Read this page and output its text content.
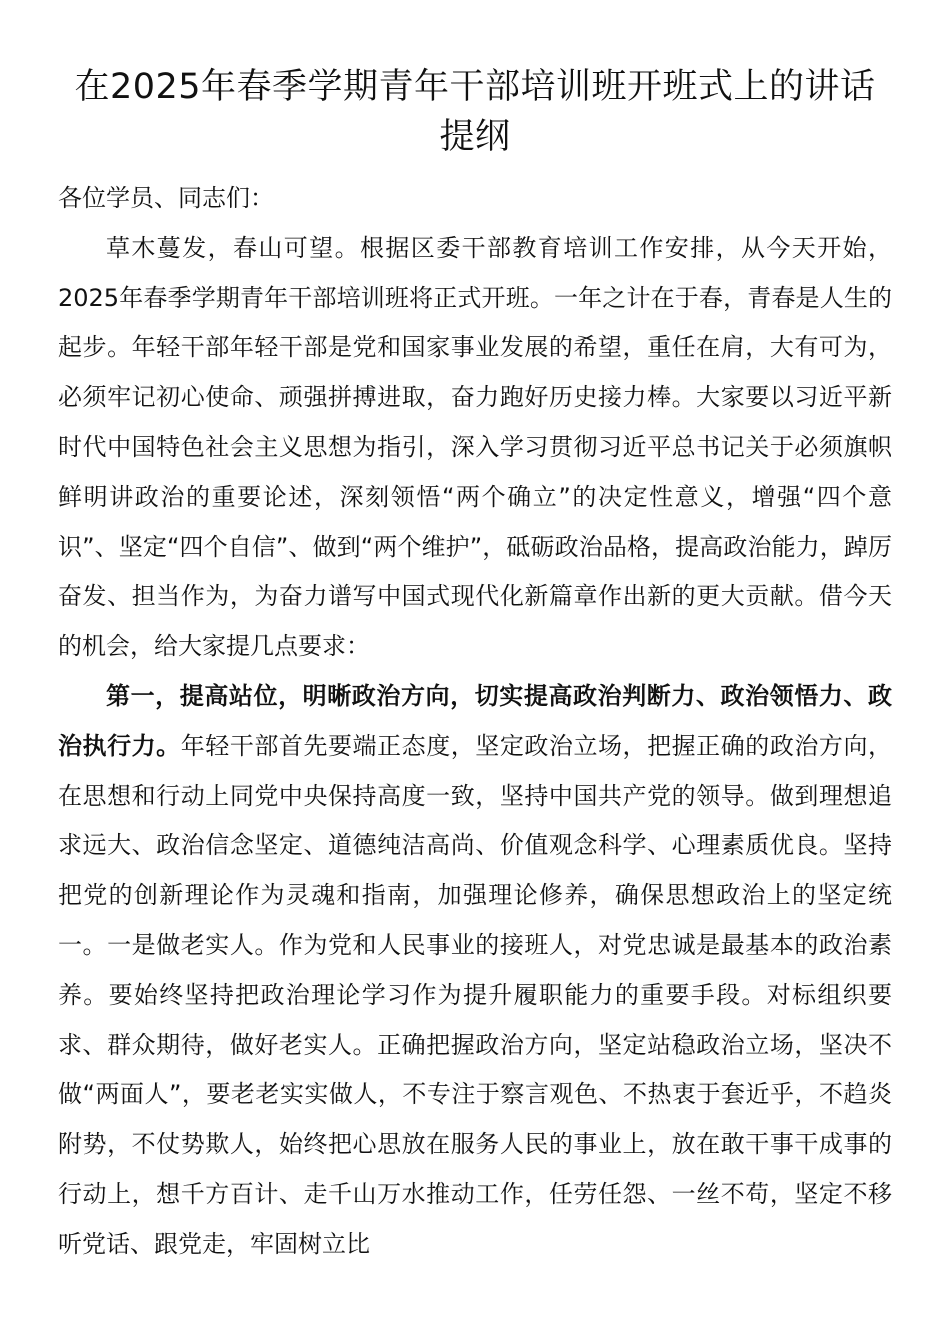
在2025年春季学期青年干部培训班开班式上的讲话提纲

各位学员、同志们：

草木蔓发，春山可望。根据区委干部教育培训工作安排，从今天开始，2025年春季学期青年干部培训班将正式开班。一年之计在于春，青春是人生的起步。年轻干部年轻干部是党和国家事业发展的希望，重任在肩，大有可为，必须牢记初心使命、顽强拼搏进取，奋力跑好历史接力棒。大家要以习近平新时代中国特色社会主义思想为指引，深入学习贯彻习近平总书记关于必须旗帜鲜明讲政治的重要论述，深刻领悟“两个确立”的决定性意义，增强“四个意识”、坚定“四个自信”、做到“两个维护”，砥砺政治品格，提高政治能力，踔厉奋发、担当作为，为奋力谱写中国式现代化新篇章作出新的更大贡献。借今天的机会，给大家提几点要求：

第一，提高站位，明晰政治方向，切实提高政治判断力、政治领悟力、政治执行力。年轻干部首先要端正态度，坚定政治立场，把握正确的政治方向，在思想和行动上同党中央保持高度一致，坚持中国共产党的领导。做到理想追求远大、政治信念坚定、道德纯洁高尚、价值观念科学、心理素质优良。坚持把党的创新理论作为灵魂和指南，加强理论修养，确保思想政治上的坚定统一。一是做老实人。作为党和人民事业的接班人，对党忠诚是最基本的政治素养。要始终坚持把政治理论学习作为提升履职能力的重要手段。对标组织要求、群众期待，做好老实人。正确把握政治方向，坚定站稳政治立场，坚决不做“两面人”，要老老实实做人，不专注于察言观色、不热衷于套近乎，不趋炎附势，不仗势欺人，始终把心思放在服务人民的事业上，放在敢干事干成事的行动上，想千方百计、走千山万水推动工作，任劳任怨、一丝不苟，坚定不移听党话、跟党走，牢固树立比
